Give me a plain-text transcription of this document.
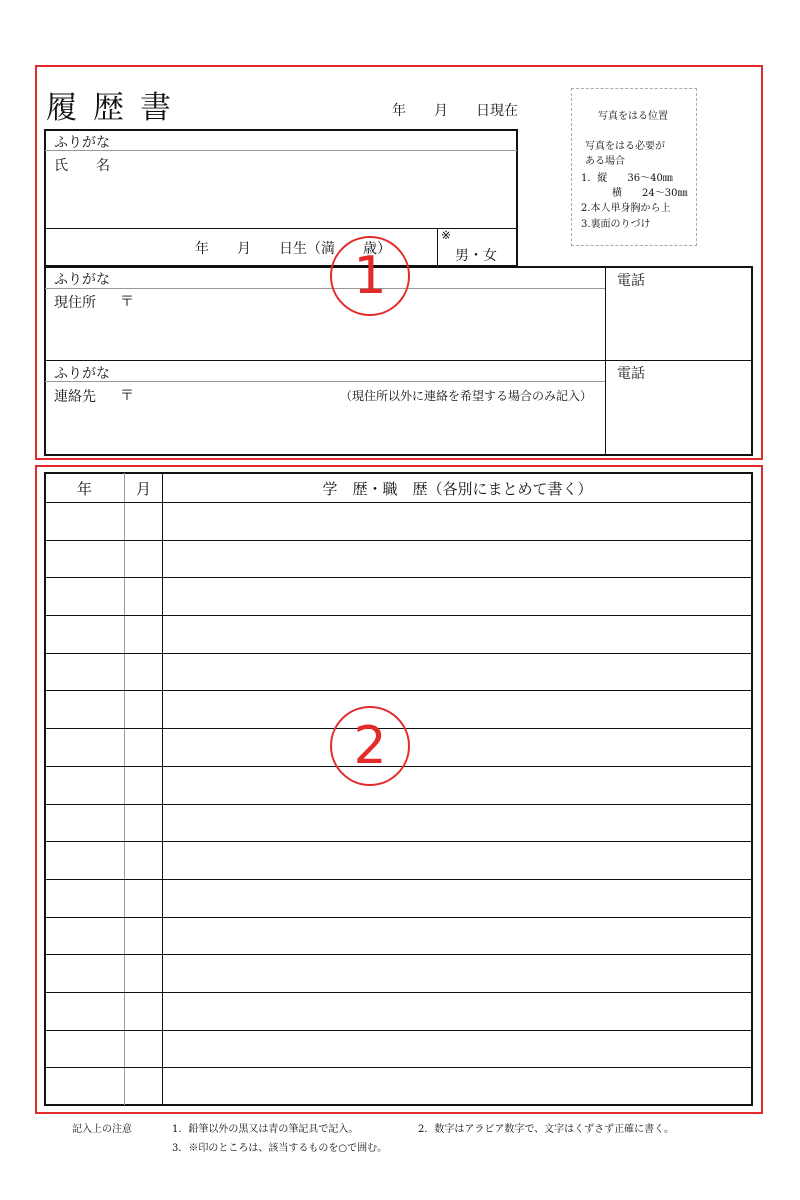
履歴書	年　　月　　日現在	写真をはる位置
写真をはる必要が
ある場合
1．縦　　36〜40㎜
横　　24〜30㎜
2.本人単身胸から上
3.裏面のりづけ
ふりがな
氏　　名
年　　月　　日生（満　　歳）
※
男・女
ふりがな
現住所 〒
電話
ふりがな
連絡先 〒	（現住所以外に連絡を希望する場合のみ記入）
電話
1
年	月	学　歴・職　歴（各別にまとめて書く）
2
記入上の注意	1．鉛筆以外の黒又は青の筆記具で記入。	2．数字はアラビア数字で、文字はくずさず正確に書く。
3．※印のところは、該当するものを○で囲む。
